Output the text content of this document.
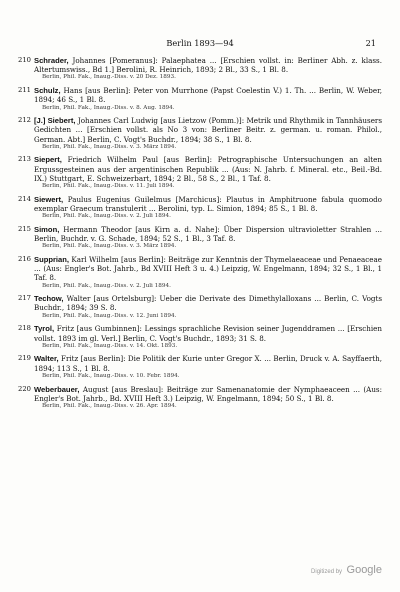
Berlin 1893—94	21
210 Schrader, Johannes [Pomeranus]: Palaephatea ... [Erschien vollst. in: Berliner Abh. z. klass. Altertumswiss., Bd 1.] Berolini, R. Heinrich, 1893; 2 Bl., 33 S., 1 Bl. 8.
Berlin, Phil. Fak., Inaug.-Diss. v. 20 Dez. 1893.
211 Schulz, Hans [aus Berlin]: Peter von Murrhone (Papst Coelestin V.) 1. Th. ... Berlin, W. Weber, 1894; 46 S., 1 Bl. 8.
Berlin, Phil. Fak., Inaug.-Diss. v. 8. Aug. 1894.
212 [J.] Siebert, Johannes Carl Ludwig [aus Lietzow (Pomm.)]: Metrik und Rhythmik in Tannhäusers Gedichten ... [Erschien vollst. als No 3 von: Berliner Beitr. z. german. u. roman. Philol., German. Abt.] Berlin, C. Vogt's Buchdr., 1894; 38 S., 1 Bl. 8.
Berlin, Phil. Fak., Inaug.-Diss. v. 3. März 1894.
213 Siepert, Friedrich Wilhelm Paul [aus Berlin]: Petrographische Untersuchungen an alten Ergussgesteinen aus der argentinischen Republik ... (Aus: N. Jahrb. f. Mineral. etc., Beil.-Bd. IX.) Stuttgart, E. Schweizerbart, 1894; 2 Bl., 58 S., 2 Bl., 1 Taf. 8.
Berlin, Phil. Fak., Inaug.-Diss. v. 11. Juli 1894.
214 Siewert, Paulus Eugenius Guilelmus [Marchicus]: Plautus in Amphitruone fabula quomodo exemplar Graecum transtulerit ... Berolini, typ. L. Simion, 1894; 85 S., 1 Bl. 8.
Berlin, Phil. Fak., Inaug.-Diss. v. 2. Juli 1894.
215 Simon, Hermann Theodor [aus Kirn a. d. Nahe]: Über Dispersion ultravioletter Strahlen ... Berlin, Buchdr. v. G. Schade, 1894; 52 S., 1 Bl., 3 Taf. 8.
Berlin, Phil. Fak., Inaug.-Diss. v. 3. März 1894.
216 Supprian, Karl Wilhelm [aus Berlin]: Beiträge zur Kenntnis der Thymelaeaceae und Penaeaceae ... (Aus: Engler's Bot. Jahrb., Bd XVIII Heft 3 u. 4.) Leipzig, W. Engelmann, 1894; 32 S., 1 Bl., 1 Taf. 8.
Berlin, Phil. Fak., Inaug.-Diss. v. 2. Juli 1894.
217 Techow, Walter [aus Ortelsburg]: Ueber die Derivate des Dimethylalloxans ... Berlin, C. Vogts Buchdr., 1894; 39 S. 8.
Berlin, Phil. Fak., Inaug.-Diss. v. 12. Juni 1894.
218 Tyrol, Fritz [aus Gumbinnen]: Lessings sprachliche Revision seiner Jugenddramen ... [Erschien vollst. 1893 im gl. Verl.] Berlin, C. Vogt's Buchdr., 1893; 31 S. 8.
Berlin, Phil. Fak., Inaug.-Diss. v. 14. Okt. 1893.
219 Walter, Fritz [aus Berlin]: Die Politik der Kurie unter Gregor X. ... Berlin, Druck v. A. Sayffaerth, 1894; 113 S., 1 Bl. 8.
Berlin, Phil. Fak., Inaug.-Diss. v. 10. Febr. 1894.
220 Weberbauer, August [aus Breslau]: Beiträge zur Samenanatomie der Nymphaeaceen ... (Aus: Engler's Bot. Jahrb., Bd. XVIII Heft 3.) Leipzig, W. Engelmann, 1894; 50 S., 1 Bl. 8.
Berlin, Phil. Fak., Inaug.-Diss. v. 26. Apr. 1894.
Digitized by Google
